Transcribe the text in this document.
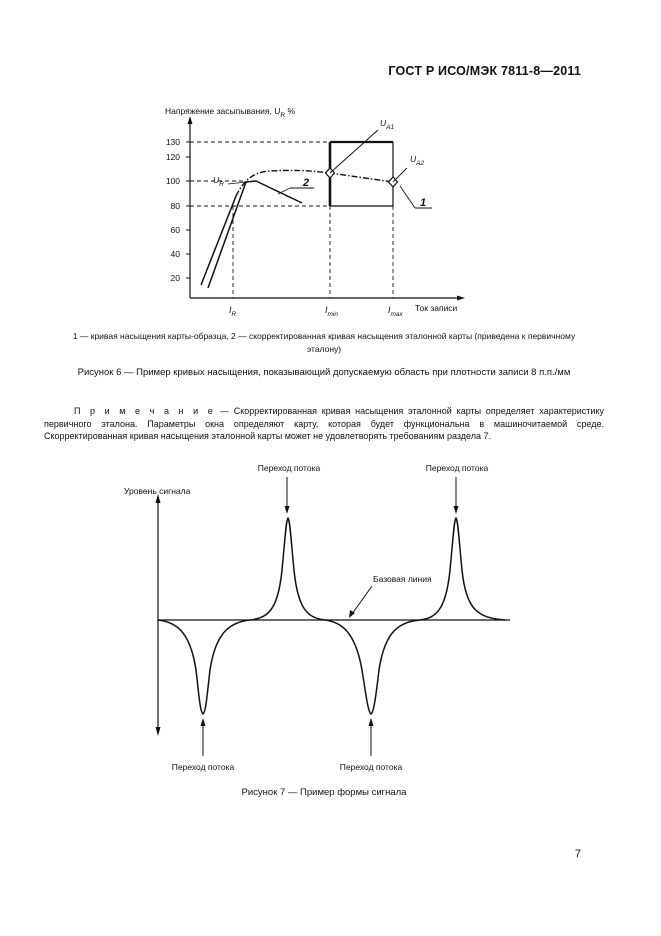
ГОСТ Р ИСО/МЭК 7811-8—2011
130
120
100
80
60
40
20
Напряжение засыпывания, $U_R$ %
$U_R$
$U_{A1}$
$U_{A2}$
2
1
$I_R$	$I_{min}$	$I_{max}$
Ток записи
1 — кривая насыщения карты-образца, 2 — скорректированная кривая насыщения эталонной карты (приведена к первичному
эталону)
Рисунок 6 — Пример кривых насыщения, показывающий допускаемую область при плотности записи 8 п.п./мм
П р и м е ч а н и е — Скорректированная кривая насыщения эталонной карты определяет характеристику первичного эталона. Параметры окна определяют карту, которая будет функциональна в машиночитаемой среде. Скорректированная кривая насыщения эталонной карты может не удовлетворять требованиям раздела 7.
Уровень сигнала
Переход потока	Переход потока
Переход потока	Переход потока
Базовая линия
Рисунок 7 — Пример формы сигнала
7
